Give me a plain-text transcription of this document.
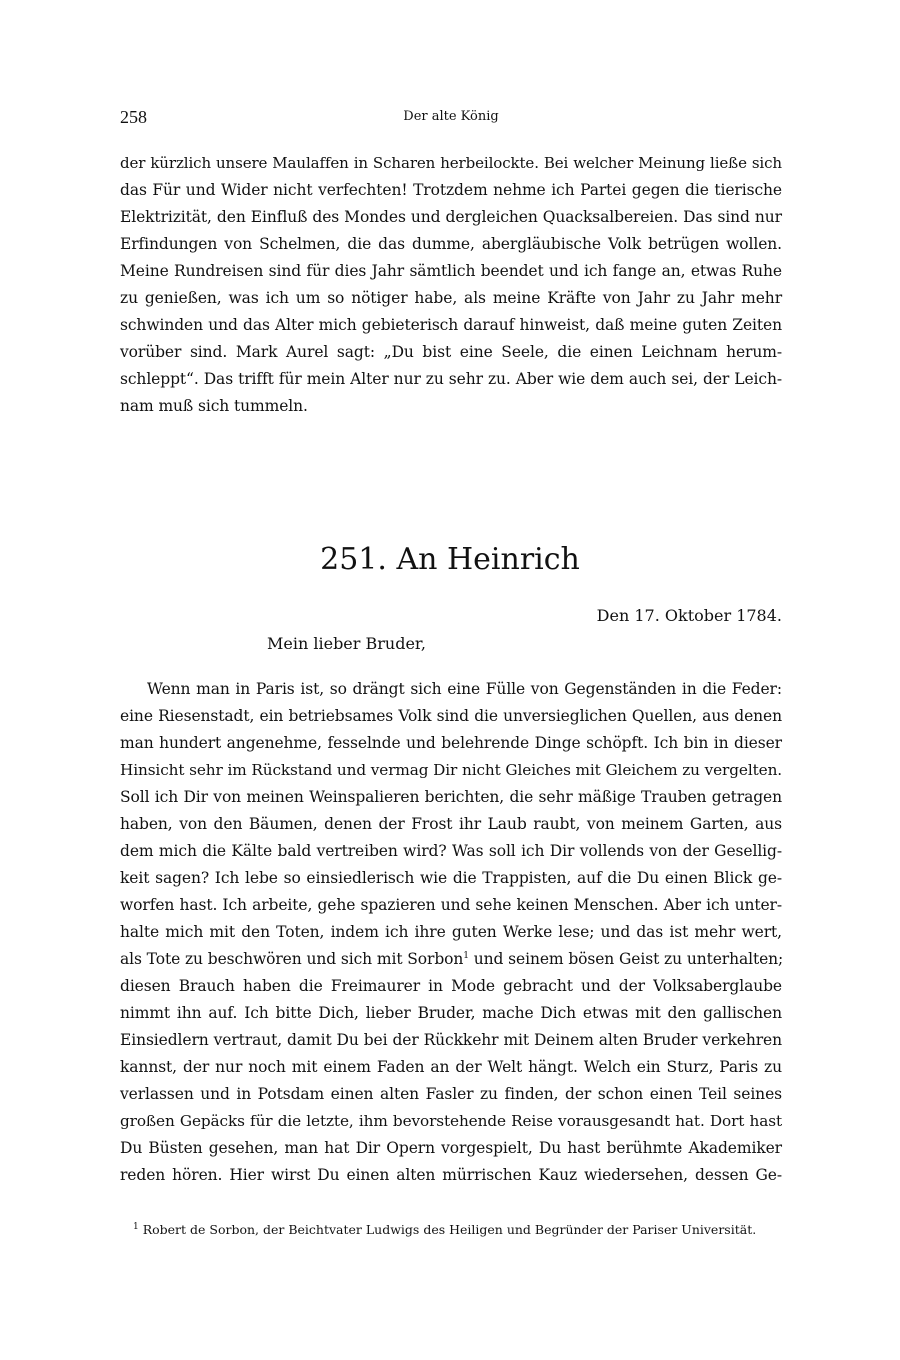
258	Der alte König
der kürzlich unsere Maulaffen in Scharen herbeilockte. Bei welcher Meinung ließe sich
das Für und Wider nicht verfechten! Trotzdem nehme ich Partei gegen die tierische
Elektrizität, den Einfluß des Mondes und dergleichen Quacksalbereien. Das sind nur
Erfindungen von Schelmen, die das dumme, abergläubische Volk betrügen wollen.
Meine Rundreisen sind für dies Jahr sämtlich beendet und ich fange an, etwas Ruhe
zu genießen, was ich um so nötiger habe, als meine Kräfte von Jahr zu Jahr mehr
schwinden und das Alter mich gebieterisch darauf hinweist, daß meine guten Zeiten
vorüber sind. Mark Aurel sagt: „Du bist eine Seele, die einen Leichnam herum-
schleppt“. Das trifft für mein Alter nur zu sehr zu. Aber wie dem auch sei, der Leich-
nam muß sich tummeln.
251. An Heinrich
Den 17. Oktober 1784.
Mein lieber Bruder,
Wenn man in Paris ist, so drängt sich eine Fülle von Gegenständen in die Feder:
eine Riesenstadt, ein betriebsames Volk sind die unversieglichen Quellen, aus denen
man hundert angenehme, fesselnde und belehrende Dinge schöpft. Ich bin in dieser
Hinsicht sehr im Rückstand und vermag Dir nicht Gleiches mit Gleichem zu vergelten.
Soll ich Dir von meinen Weinspalieren berichten, die sehr mäßige Trauben getragen
haben, von den Bäumen, denen der Frost ihr Laub raubt, von meinem Garten, aus
dem mich die Kälte bald vertreiben wird? Was soll ich Dir vollends von der Gesellig-
keit sagen? Ich lebe so einsiedlerisch wie die Trappisten, auf die Du einen Blick ge-
worfen hast. Ich arbeite, gehe spazieren und sehe keinen Menschen. Aber ich unter-
halte mich mit den Toten, indem ich ihre guten Werke lese; und das ist mehr wert,
als Tote zu beschwören und sich mit Sorbon$^1$ und seinem bösen Geist zu unterhalten;
diesen Brauch haben die Freimaurer in Mode gebracht und der Volksaberglaube
nimmt ihn auf. Ich bitte Dich, lieber Bruder, mache Dich etwas mit den gallischen
Einsiedlern vertraut, damit Du bei der Rückkehr mit Deinem alten Bruder verkehren
kannst, der nur noch mit einem Faden an der Welt hängt. Welch ein Sturz, Paris zu
verlassen und in Potsdam einen alten Fasler zu finden, der schon einen Teil seines
großen Gepäcks für die letzte, ihm bevorstehende Reise vorausgesandt hat. Dort hast
Du Büsten gesehen, man hat Dir Opern vorgespielt, Du hast berühmte Akademiker
reden hören. Hier wirst Du einen alten mürrischen Kauz wiedersehen, dessen Ge-
$^1$ Robert de Sorbon, der Beichtvater Ludwigs des Heiligen und Begründer der Pariser Universität.
